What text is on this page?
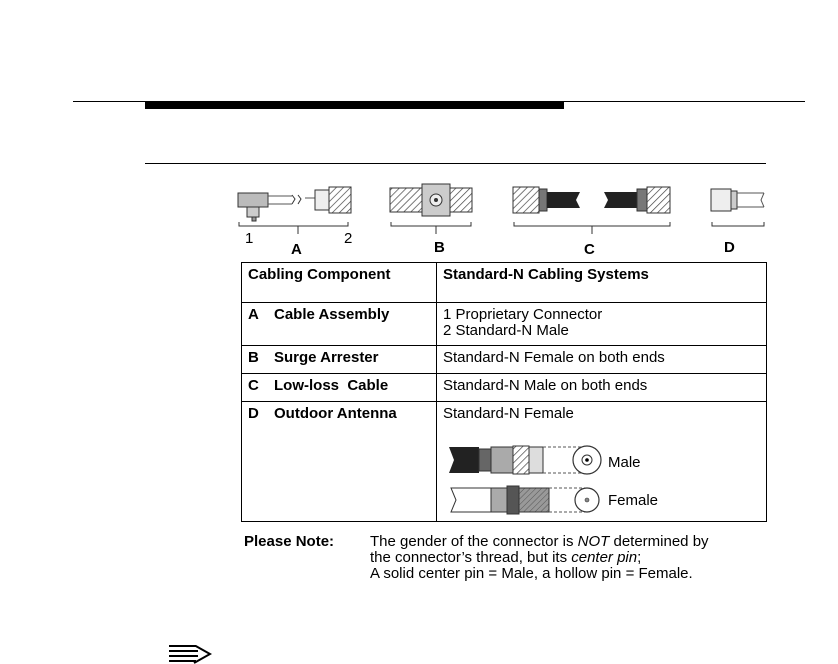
1	2
A	B	C	D
Male
Female
Cabling Component	Standard-N Cabling Systems
A Cable Assembly	1 Proprietary Connector
2 Standard-N Male

B Surge Arrester	Standard-N Female on both ends

C Low-loss  Cable	Standard-N Male on both ends

D Outdoor Antenna	Standard-N Female
Please Note: The gender of the connector is NOT determined by
the connector’s thread, but its center pin;
A solid center pin = Male, a hollow pin = Female.
